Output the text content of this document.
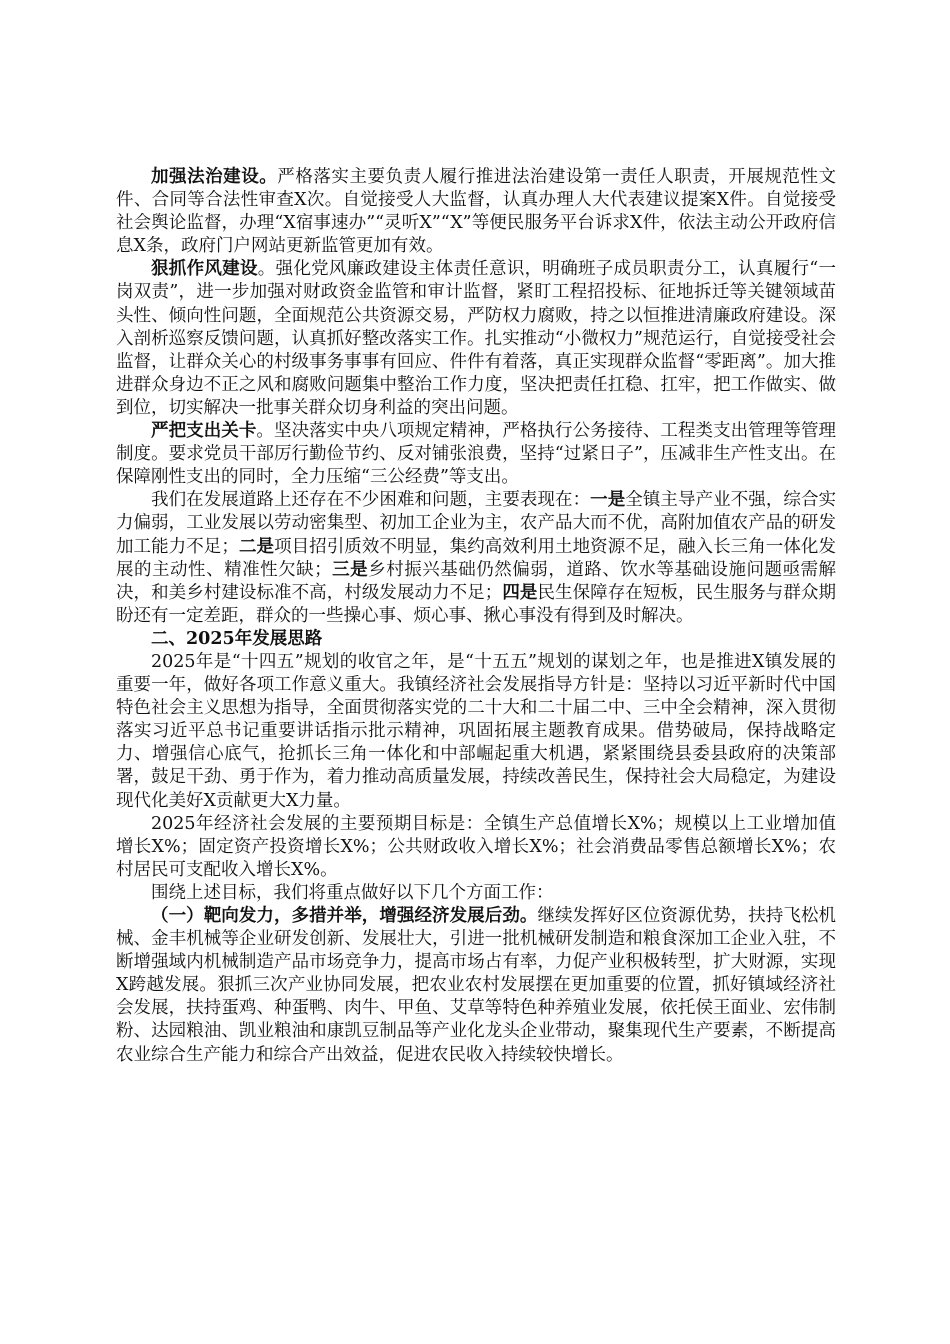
加强法治建设。严格落实主要负责人履行推进法治建设第一责任人职责，开展规范性文件、合同等合法性审查X次。自觉接受人大监督，认真办理人大代表建议提案X件。自觉接受社会舆论监督，办理“X宿事速办”“灵听X”“X”等便民服务平台诉求X件，依法主动公开政府信息X条，政府门户网站更新监管更加有效。

狠抓作风建设。强化党风廉政建设主体责任意识，明确班子成员职责分工，认真履行“一岗双责”，进一步加强对财政资金监管和审计监督，紧盯工程招投标、征地拆迁等关键领域苗头性、倾向性问题，全面规范公共资源交易，严防权力腐败，持之以恒推进清廉政府建设。深入剖析巡察反馈问题，认真抓好整改落实工作。扎实推动“小微权力”规范运行，自觉接受社会监督，让群众关心的村级事务事事有回应、件件有着落，真正实现群众监督“零距离”。加大推进群众身边不正之风和腐败问题集中整治工作力度，坚决把责任扛稳、扛牢，把工作做实、做到位，切实解决一批事关群众切身利益的突出问题。

严把支出关卡。坚决落实中央八项规定精神，严格执行公务接待、工程类支出管理等管理制度。要求党员干部厉行勤俭节约、反对铺张浪费，坚持“过紧日子”，压减非生产性支出。在保障刚性支出的同时，全力压缩“三公经费”等支出。

我们在发展道路上还存在不少困难和问题，主要表现在：一是全镇主导产业不强，综合实力偏弱，工业发展以劳动密集型、初加工企业为主，农产品大而不优，高附加值农产品的研发加工能力不足；二是项目招引质效不明显，集约高效利用土地资源不足，融入长三角一体化发展的主动性、精准性欠缺；三是乡村振兴基础仍然偏弱，道路、饮水等基础设施问题亟需解决，和美乡村建设标准不高，村级发展动力不足；四是民生保障存在短板，民生服务与群众期盼还有一定差距，群众的一些操心事、烦心事、揪心事没有得到及时解决。

二、2025年发展思路

2025年是“十四五”规划的收官之年，是“十五五”规划的谋划之年，也是推进X镇发展的重要一年，做好各项工作意义重大。我镇经济社会发展指导方针是：坚持以习近平新时代中国特色社会主义思想为指导，全面贯彻落实党的二十大和二十届二中、三中全会精神，深入贯彻落实习近平总书记重要讲话指示批示精神，巩固拓展主题教育成果。借势破局，保持战略定力、增强信心底气，抢抓长三角一体化和中部崛起重大机遇，紧紧围绕县委县政府的决策部署，鼓足干劲、勇于作为，着力推动高质量发展，持续改善民生，保持社会大局稳定，为建设现代化美好X贡献更大X力量。

2025年经济社会发展的主要预期目标是：全镇生产总值增长X%；规模以上工业增加值增长X%；固定资产投资增长X%；公共财政收入增长X%；社会消费品零售总额增长X%；农村居民可支配收入增长X%。

围绕上述目标，我们将重点做好以下几个方面工作：

（一）靶向发力，多措并举，增强经济发展后劲。继续发挥好区位资源优势，扶持飞松机械、金丰机械等企业研发创新、发展壮大，引进一批机械研发制造和粮食深加工企业入驻，不断增强域内机械制造产品市场竞争力，提高市场占有率，力促产业积极转型，扩大财源，实现X跨越发展。狠抓三次产业协同发展，把农业农村发展摆在更加重要的位置，抓好镇域经济社会发展，扶持蛋鸡、种蛋鸭、肉牛、甲鱼、艾草等特色种养殖业发展，依托侯王面业、宏伟制粉、达园粮油、凯业粮油和康凯豆制品等产业化龙头企业带动，聚集现代生产要素，不断提高农业综合生产能力和综合产出效益，促进农民收入持续较快增长。
